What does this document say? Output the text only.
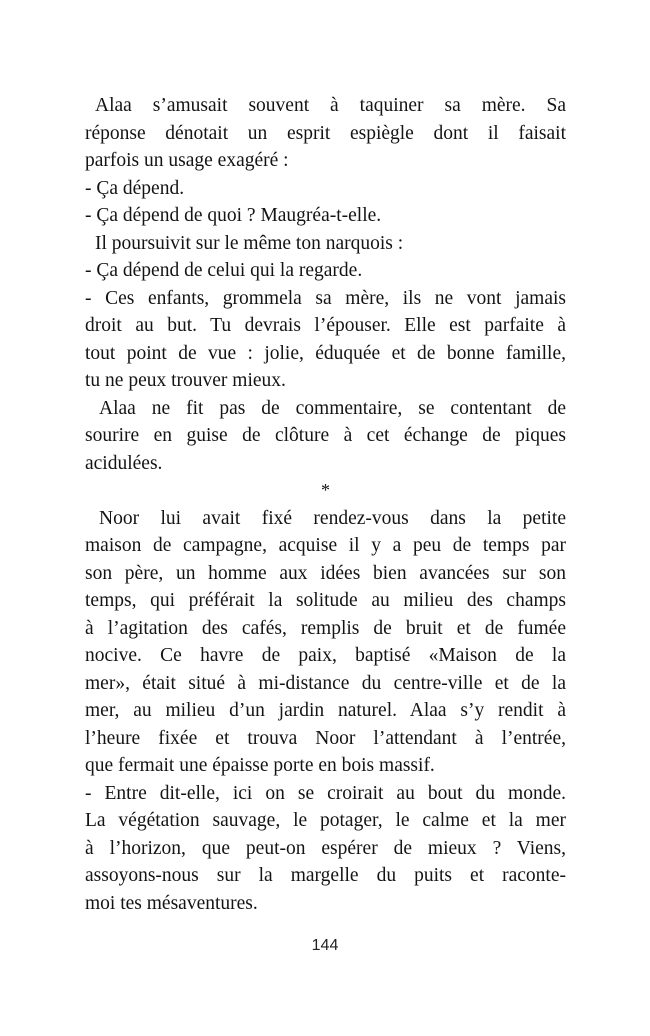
Alaa s’amusait souvent à taquiner sa mère. Sa
réponse dénotait un esprit espiègle dont il faisait
parfois un usage exagéré :
- Ça dépend.
- Ça dépend de quoi ? Maugréa-t-elle.
Il poursuivit sur le même ton narquois :
- Ça dépend de celui qui la regarde.
- Ces enfants, grommela sa mère, ils ne vont jamais
droit au but. Tu devrais l’épouser. Elle est parfaite à
tout point de vue : jolie, éduquée et de bonne famille,
tu ne peux trouver mieux.
Alaa ne fit pas de commentaire, se contentant de
sourire en guise de clôture à cet échange de piques
acidulées.
*
Noor lui avait fixé rendez-vous dans la petite
maison de campagne, acquise il y a peu de temps par
son père, un homme aux idées bien avancées sur son
temps, qui préférait la solitude au milieu des champs
à l’agitation des cafés, remplis de bruit et de fumée
nocive. Ce havre de paix, baptisé «Maison de la
mer», était situé à mi-distance du centre-ville et de la
mer, au milieu d’un jardin naturel. Alaa s’y rendit à
l’heure fixée et trouva Noor l’attendant à l’entrée,
que fermait une épaisse porte en bois massif.
- Entre dit-elle, ici on se croirait au bout du monde.
La végétation sauvage, le potager, le calme et la mer
à l’horizon, que peut-on espérer de mieux ? Viens,
assoyons-nous sur la margelle du puits et raconte-
moi tes mésaventures.
144
